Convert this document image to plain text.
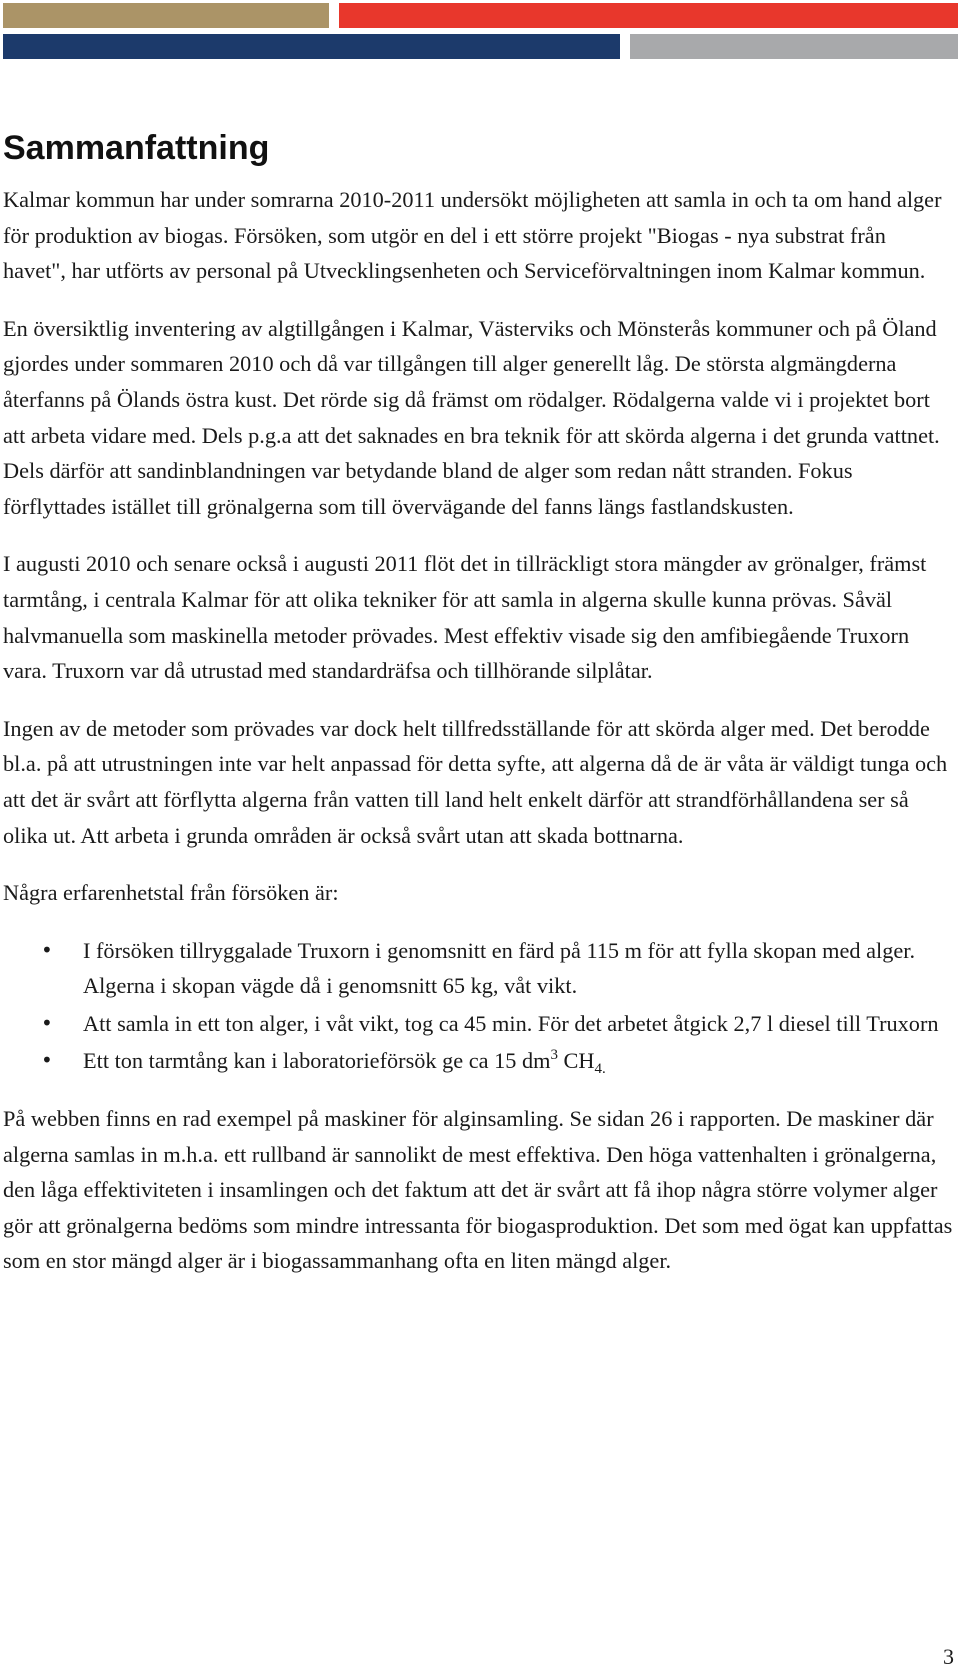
Sammanfattning

Kalmar kommun har under somrarna 2010-2011 undersökt möjligheten att samla in och ta om hand alger för produktion av biogas. Försöken, som utgör en del i ett större projekt "Biogas - nya substrat från havet", har utförts av personal på Utvecklingsenheten och Serviceförvaltningen inom Kalmar kommun.

En översiktlig inventering av algtillgången i Kalmar, Västerviks och Mönsterås kommuner och på Öland gjordes under sommaren 2010 och då var tillgången till alger generellt låg. De största algmängderna återfanns på Ölands östra kust. Det rörde sig då främst om rödalger. Rödalgerna valde vi i projektet bort att arbeta vidare med. Dels p.g.a att det saknades en bra teknik för att skörda algerna i det grunda vattnet. Dels därför att sandinblandningen var betydande bland de alger som redan nått stranden. Fokus förflyttades istället till grönalgerna som till övervägande del fanns längs fastlandskusten.

I augusti 2010 och senare också i augusti 2011 flöt det in tillräckligt stora mängder av grönalger, främst tarmtång, i centrala Kalmar för att olika tekniker för att samla in algerna skulle kunna prövas. Såväl halvmanuella som maskinella metoder prövades. Mest effektiv visade sig den amfibiegående Truxorn vara. Truxorn var då utrustad med standardräfsa och tillhörande silplåtar.

Ingen av de metoder som prövades var dock helt tillfredsställande för att skörda alger med. Det berodde bl.a. på att utrustningen inte var helt anpassad för detta syfte, att algerna då de är våta är väldigt tunga och att det är svårt att förflytta algerna från vatten till land helt enkelt därför att strandförhållandena ser så olika ut. Att arbeta i grunda områden är också svårt utan att skada bottnarna.

Några erfarenhetstal från försöken är:

• I försöken tillryggalade Truxorn i genomsnitt en färd på 115 m för att fylla skopan med alger. Algerna i skopan vägde då i genomsnitt 65 kg, våt vikt.
• Att samla in ett ton alger, i våt vikt, tog ca 45 min. För det arbetet åtgick 2,7 l diesel till Truxorn
• Ett ton tarmtång kan i laboratorieförsök ge ca 15 $dm^3$ $CH_{4.}$

På webben finns en rad exempel på maskiner för alginsamling. Se sidan 26 i rapporten. De maskiner där algerna samlas in m.h.a. ett rullband är sannolikt de mest effektiva. Den höga vattenhalten i grönalgerna, den låga effektiviteten i insamlingen och det faktum att det är svårt att få ihop några större volymer alger gör att grönalgerna bedöms som mindre intressanta för biogasproduktion. Det som med ögat kan uppfattas som en stor mängd alger är i biogassammanhang ofta en liten mängd alger.

3
